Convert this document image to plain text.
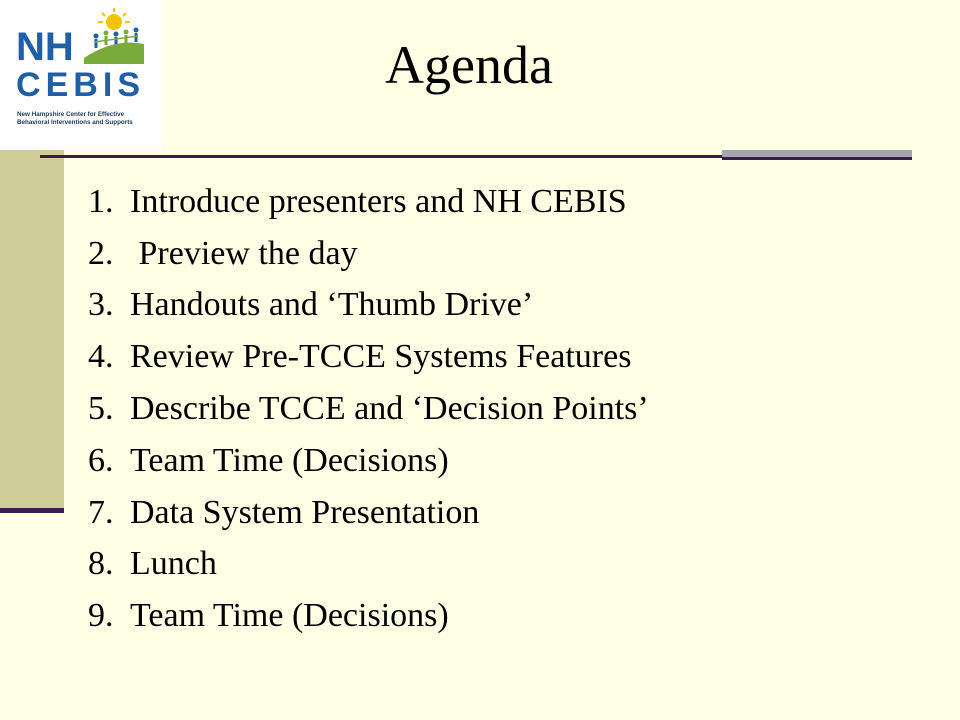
NH
CEBIS
New Hampshire Center for Effective
Behavioral Interventions and Supports
Agenda
1. Introduce presenters and NH CEBIS
2. Preview the day
3. Handouts and ‘Thumb Drive’
4. Review Pre-TCCE Systems Features
5. Describe TCCE and ‘Decision Points’
6. Team Time (Decisions)
7. Data System Presentation
8. Lunch
9. Team Time (Decisions)
